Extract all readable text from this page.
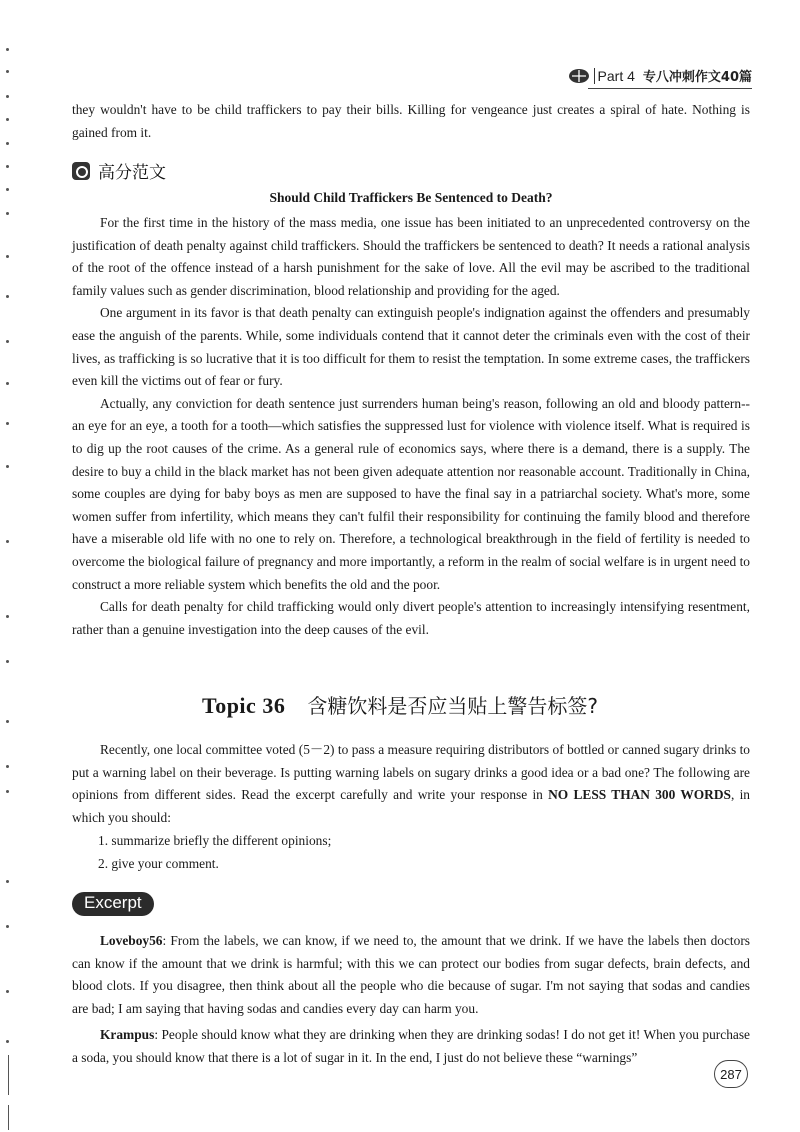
Part 4 专八冲刺作文40篇

they wouldn't have to be child traffickers to pay their bills. Killing for vengeance just creates a spiral of hate. Nothing is gained from it.

高分范文
Should Child Traffickers Be Sentenced to Death?

For the first time in the history of the mass media, one issue has been initiated to an unprecedented controversy on the justification of death penalty against child traffickers. Should the traffickers be sentenced to death? It needs a rational analysis of the root of the offence instead of a harsh punishment for the sake of love. All the evil may be ascribed to the traditional family values such as gender discrimination, blood relationship and providing for the aged.

One argument in its favor is that death penalty can extinguish people's indignation against the offenders and presumably ease the anguish of the parents. While, some individuals contend that it cannot deter the criminals even with the cost of their lives, as trafficking is so lucrative that it is too difficult for them to resist the temptation. In some extreme cases, the traffickers even kill the victims out of fear or fury.

Actually, any conviction for death sentence just surrenders human being's reason, following an old and bloody pattern--an eye for an eye, a tooth for a tooth—which satisfies the suppressed lust for violence with violence itself. What is required is to dig up the root causes of the crime. As a general rule of economics says, where there is a demand, there is a supply. The desire to buy a child in the black market has not been given adequate attention nor reasonable account. Traditionally in China, some couples are dying for baby boys as men are supposed to have the final say in a patriarchal society. What's more, some women suffer from infertility, which means they can't fulfil their responsibility for continuing the family blood and therefore have a miserable old life with no one to rely on. Therefore, a technological breakthrough in the field of fertility is needed to overcome the biological failure of pregnancy and more importantly, a reform in the realm of social welfare is in urgent need to construct a more reliable system which benefits the old and the poor.

Calls for death penalty for child trafficking would only divert people's attention to increasingly intensifying resentment, rather than a genuine investigation into the deep causes of the evil.

Topic 36 含糖饮料是否应当贴上警告标签?

Recently, one local committee voted (5－2) to pass a measure requiring distributors of bottled or canned sugary drinks to put a warning label on their beverage. Is putting warning labels on sugary drinks a good idea or a bad one? The following are opinions from different sides. Read the excerpt carefully and write your response in NO LESS THAN 300 WORDS, in which you should:

1. summarize briefly the different opinions;
2. give your comment.
Excerpt

Loveboy56: From the labels, we can know, if we need to, the amount that we drink. If we have the labels then doctors can know if the amount that we drink is harmful; with this we can protect our bodies from sugar defects, brain defects, and blood clots. If you disagree, then think about all the people who die because of sugar. I'm not saying that sodas and candies are bad; I am saying that having sodas and candies every day can harm you.

Krampus: People should know what they are drinking when they are drinking sodas! I do not get it! When you purchase a soda, you should know that there is a lot of sugar in it. In the end, I just do not believe these “warnings”

287
